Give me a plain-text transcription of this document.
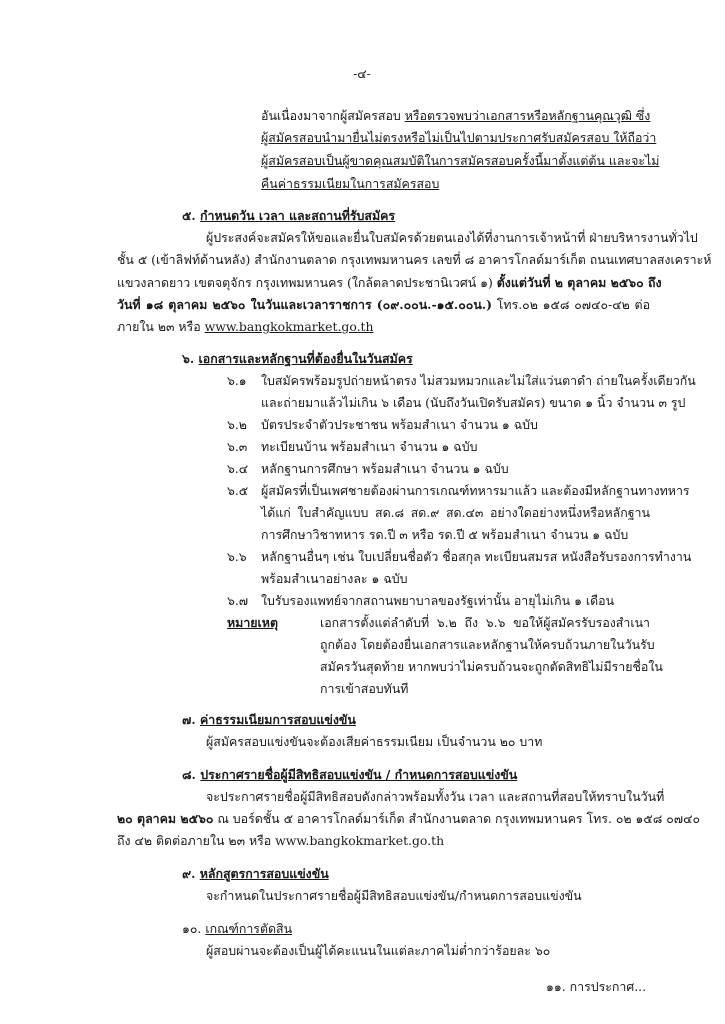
-๔-
อันเนื่องมาจากผู้สมัครสอบ หรือตรวจพบว่าเอกสารหรือหลักฐานคุณวุฒิ ซึ่ง
ผู้สมัครสอบนำมายื่นไม่ตรงหรือไม่เป็นไปตามประกาศรับสมัครสอบ ให้ถือว่า
ผู้สมัครสอบเป็นผู้ขาดคุณสมบัติในการสมัครสอบครั้งนี้มาตั้งแต่ต้น และจะไม่
คืนค่าธรรมเนียมในการสมัครสอบ
๕. กำหนดวัน เวลา และสถานที่รับสมัคร
ผู้ประสงค์จะสมัครให้ขอและยื่นใบสมัครด้วยตนเองได้ที่งานการเจ้าหน้าที่ ฝ่ายบริหารงานทั่วไป
ชั้น ๕ (เข้าลิฟท์ด้านหลัง) สำนักงานตลาด กรุงเทพมหานคร เลขที่ ๘ อาคารโกลด์มาร์เก็ต ถนนเทศบาลสงเคราะห์
แขวงลาดยาว เขตจตุจักร กรุงเทพมหานคร (ใกล้ตลาดประชานิเวศน์ ๑) ตั้งแต่วันที่ ๒ ตุลาคม ๒๕๖๐ ถึง
วันที่ ๑๘ ตุลาคม ๒๕๖๐ ในวันและเวลาราชการ (๐๙.๐๐น.-๑๕.๐๐น.) โทร.๐๒ ๑๕๘ ๐๗๔๐-๔๒ ต่อ
ภายใน ๒๓ หรือ www.bangkokmarket.go.th
๖. เอกสารและหลักฐานที่ต้องยื่นในวันสมัคร
๖.๑ ใบสมัครพร้อมรูปถ่ายหน้าตรง ไม่สวมหมวกและไม่ใส่แว่นตาดำ ถ่ายในครั้งเดียวกัน
และถ่ายมาแล้วไม่เกิน ๖ เดือน (นับถึงวันเปิดรับสมัคร) ขนาด ๑ นิ้ว จำนวน ๓ รูป
๖.๒ บัตรประจำตัวประชาชน พร้อมสำเนา จำนวน ๑ ฉบับ
๖.๓ ทะเบียนบ้าน พร้อมสำเนา จำนวน ๑ ฉบับ
๖.๔ หลักฐานการศึกษา พร้อมสำเนา จำนวน ๑ ฉบับ
๖.๕ ผู้สมัครที่เป็นเพศชายต้องผ่านการเกณฑ์ทหารมาแล้ว และต้องมีหลักฐานทางทหาร
ได้แก่ ใบสำคัญแบบ สด.๘ สด.๙ สด.๔๓ อย่างใดอย่างหนึ่งหรือหลักฐาน
การศึกษาวิชาทหาร รด.ปี ๓ หรือ รด.ปี ๕ พร้อมสำเนา จำนวน ๑ ฉบับ
๖.๖ หลักฐานอื่นๆ เช่น ใบเปลี่ยนชื่อตัว ชื่อสกุล ทะเบียนสมรส หนังสือรับรองการทำงาน
พร้อมสำเนาอย่างละ ๑ ฉบับ
๖.๗ ใบรับรองแพทย์จากสถานพยาบาลของรัฐเท่านั้น อายุไม่เกิน ๑ เดือน
หมายเหตุ	เอกสารตั้งแต่ลำดับที่ ๖.๒ ถึง ๖.๖ ขอให้ผู้สมัครรับรองสำเนา
ถูกต้อง โดยต้องยื่นเอกสารและหลักฐานให้ครบถ้วนภายในวันรับ
สมัครวันสุดท้าย หากพบว่าไม่ครบถ้วนจะถูกตัดสิทธิไม่มีรายชื่อใน
การเข้าสอบทันที
๗. ค่าธรรมเนียมการสอบแข่งขัน
ผู้สมัครสอบแข่งขันจะต้องเสียค่าธรรมเนียม เป็นจำนวน ๒๐ บาท
๘. ประกาศรายชื่อผู้มีสิทธิสอบแข่งขัน / กำหนดการสอบแข่งขัน
จะประกาศรายชื่อผู้มีสิทธิสอบดังกล่าวพร้อมทั้งวัน เวลา และสถานที่สอบให้ทราบในวันที่
๒๐ ตุลาคม ๒๕๖๐ ณ บอร์ดชั้น ๕ อาคารโกลด์มาร์เก็ต สำนักงานตลาด กรุงเทพมหานคร โทร. ๐๒ ๑๕๘ ๐๗๔๐
ถึง ๔๒ ติดต่อภายใน ๒๓ หรือ www.bangkokmarket.go.th
๙. หลักสูตรการสอบแข่งขัน
จะกำหนดในประกาศรายชื่อผู้มีสิทธิสอบแข่งขัน/กำหนดการสอบแข่งขัน
๑๐. เกณฑ์การตัดสิน
ผู้สอบผ่านจะต้องเป็นผู้ได้คะแนนในแต่ละภาคไม่ต่ำกว่าร้อยละ ๖๐
๑๑. การประกาศ...
